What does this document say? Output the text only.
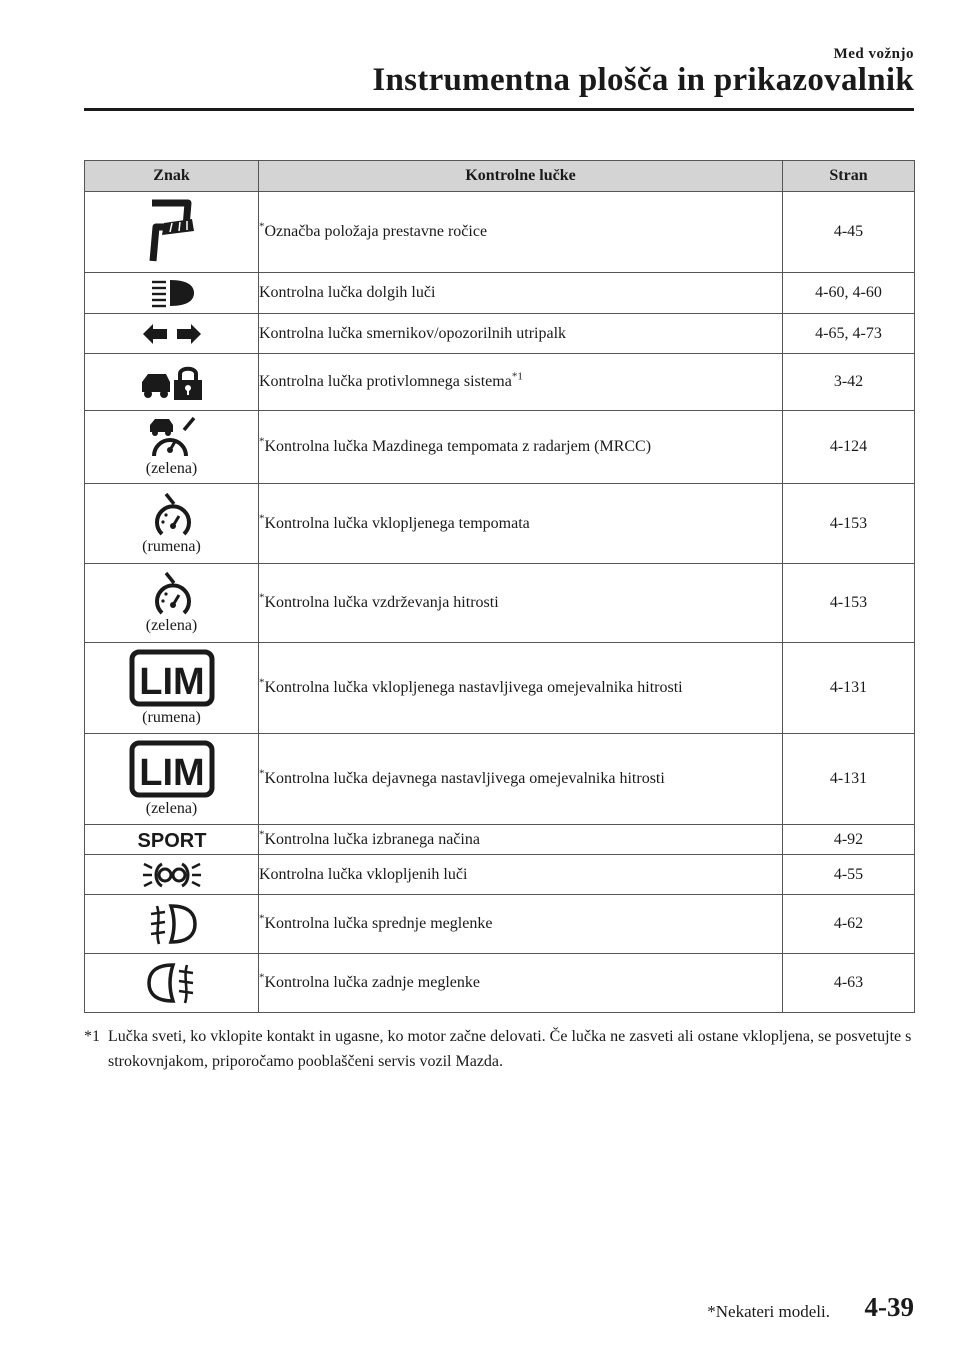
Med vožnjo
Instrumentna plošča in prikazovalnik
Znak	Kontrolne lučke	Stran

	*Označba položaja prestavne ročice	4-45

	Kontrolna lučka dolgih luči	4-60, 4-60

	Kontrolna lučka smernikov/opozorilnih utripalk	4-65, 4-73

	Kontrolna lučka protivlomnega sistema$^{*1}$	3-42

(zelena)	*Kontrolna lučka Mazdinega tempomata z radarjem (MRCC)	4-124

(rumena)	*Kontrolna lučka vklopljenega tempomata	4-153

(zelena)	*Kontrolna lučka vzdrževanja hitrosti	4-153

LIM
(rumena)	*Kontrolna lučka vklopljenega nastavljivega omejevalnika hitrosti	4-131

LIM
(zelena)	*Kontrolna lučka dejavnega nastavljivega omejevalnika hitrosti	4-131

SPORT	*Kontrolna lučka izbranega načina	4-92

	Kontrolna lučka vklopljenih luči	4-55

	*Kontrolna lučka sprednje meglenke	4-62

	*Kontrolna lučka zadnje meglenke	4-63
*1 Lučka sveti, ko vklopite kontakt in ugasne, ko motor začne delovati. Če lučka ne zasveti ali ostane vklopljena, se posvetujte s strokovnjakom, priporočamo pooblaščeni servis vozil Mazda.
*Nekateri modeli. 4-39
